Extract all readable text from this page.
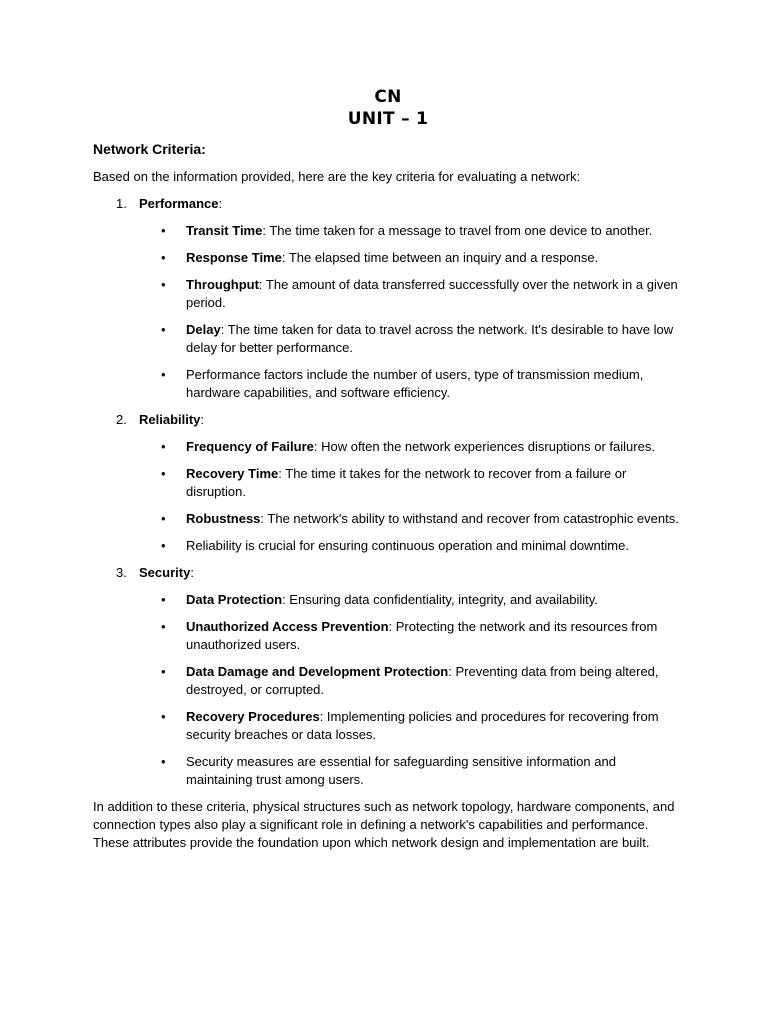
CN
UNIT – 1
Network Criteria:
Based on the information provided, here are the key criteria for evaluating a network:
1. Performance:
• Transit Time: The time taken for a message to travel from one device to another.
• Response Time: The elapsed time between an inquiry and a response.
• Throughput: The amount of data transferred successfully over the network in a given period.
• Delay: The time taken for data to travel across the network. It's desirable to have low delay for better performance.
• Performance factors include the number of users, type of transmission medium, hardware capabilities, and software efficiency.
2. Reliability:
• Frequency of Failure: How often the network experiences disruptions or failures.
• Recovery Time: The time it takes for the network to recover from a failure or disruption.
• Robustness: The network's ability to withstand and recover from catastrophic events.
• Reliability is crucial for ensuring continuous operation and minimal downtime.
3. Security:
• Data Protection: Ensuring data confidentiality, integrity, and availability.
• Unauthorized Access Prevention: Protecting the network and its resources from unauthorized users.
• Data Damage and Development Protection: Preventing data from being altered, destroyed, or corrupted.
• Recovery Procedures: Implementing policies and procedures for recovering from security breaches or data losses.
• Security measures are essential for safeguarding sensitive information and maintaining trust among users.
In addition to these criteria, physical structures such as network topology, hardware components, and connection types also play a significant role in defining a network's capabilities and performance. These attributes provide the foundation upon which network design and implementation are built.
